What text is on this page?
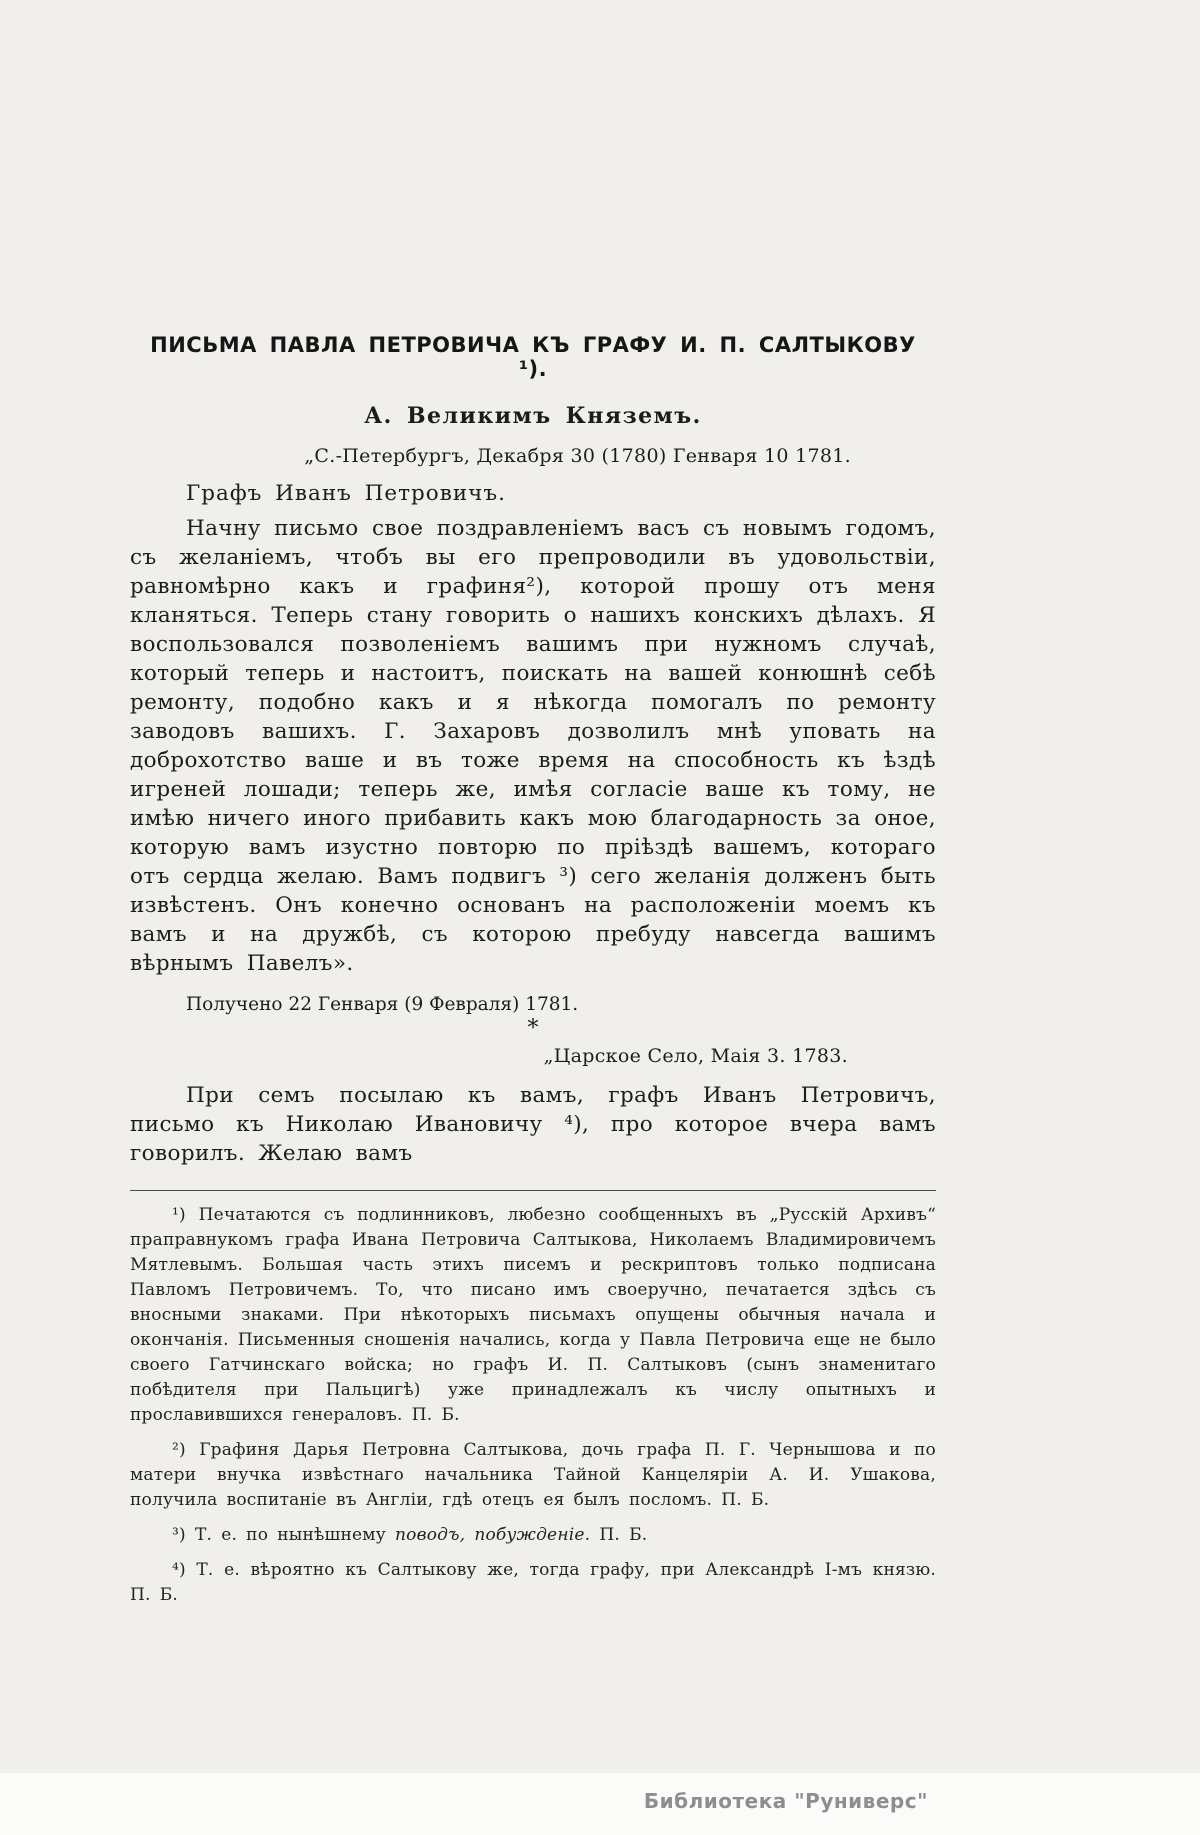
ПИСЬМА ПАВЛА ПЕТРОВИЧА КЪ ГРАФУ И. П. САЛТЫКОВУ ¹).
А. Великимъ Княземъ.

„С.-Петербургъ, Декабря 30 (1780) Генваря 10 1781.

Графъ Иванъ Петровичъ.

Начну письмо свое поздравленіемъ васъ съ новымъ годомъ, съ желаніемъ, чтобъ вы его препроводили въ удовольствіи, равномѣрно какъ и графиня²), которой прошу отъ меня кланяться. Теперь стану говорить о нашихъ конскихъ дѣлахъ. Я воспользовался позволеніемъ вашимъ при нужномъ случаѣ, который теперь и настоитъ, поискать на вашей конюшнѣ себѣ ремонту, подобно какъ и я нѣкогда помогалъ по ремонту заводовъ вашихъ. Г. Захаровъ дозволилъ мнѣ уповать на доброхотство ваше и въ тоже время на способность къ ѣздѣ игреней лошади; теперь же, имѣя согласіе ваше къ тому, не имѣю ничего иного прибавить какъ мою благодарность за оное, которую вамъ изустно повторю по пріѣздѣ вашемъ, котораго отъ сердца желаю. Вамъ подвигъ ³) сего желанія долженъ быть извѣстенъ. Онъ конечно основанъ на расположеніи моемъ къ вамъ и на дружбѣ, съ которою пребуду навсегда вашимъ вѣрнымъ Павелъ».

Получено 22 Генваря (9 Февраля) 1781.

*

„Царское Село, Маія 3. 1783.

При семъ посылаю къ вамъ, графъ Иванъ Петровичъ, письмо къ Николаю Ивановичу ⁴), про которое вчера вамъ говорилъ. Желаю вамъ

¹) Печатаются съ подлинниковъ, любезно сообщенныхъ въ „Русскій Архивъ“ праправнукомъ графа Ивана Петровича Салтыкова, Николаемъ Владимировичемъ Мятлевымъ. Большая часть этихъ писемъ и рескриптовъ только подписана Павломъ Петровичемъ. То, что писано имъ своеручно, печатается здѣсь съ вносными знаками. При нѣкоторыхъ письмахъ опущены обычныя начала и окончанія. Письменныя сношенія начались, когда у Павла Петровича еще не было своего Гатчинскаго войска; но графъ И. П. Салтыковъ (сынъ знаменитаго побѣдителя при Пальцигѣ) уже принадлежалъ къ числу опытныхъ и прославившихся генераловъ. П. Б.

²) Графиня Дарья Петровна Салтыкова, дочь графа П. Г. Чернышова и по матери внучка извѣстнаго начальника Тайной Канцеляріи А. И. Ушакова, получила воспитаніе въ Англіи, гдѣ отецъ ея былъ посломъ. П. Б.

³) Т. е. по нынѣшнему поводъ, побужденіе. П. Б.

⁴) Т. е. вѣроятно къ Салтыкову же, тогда графу, при Александрѣ I-мъ князю. П. Б.

Библиотека "Руниверс"
